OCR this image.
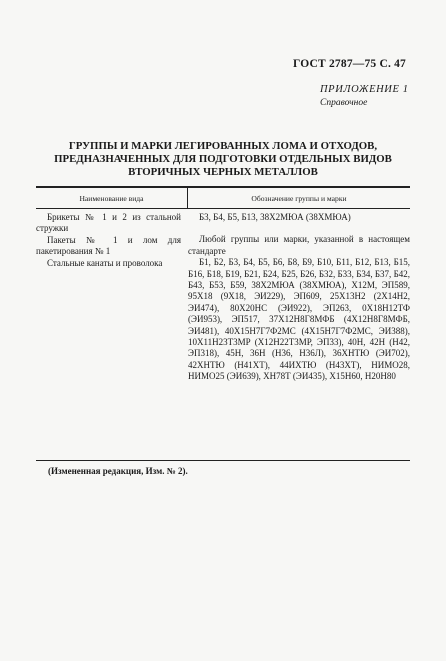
ГОСТ 2787—75 С. 47
ПРИЛОЖЕНИЕ 1
Справочное
ГРУППЫ И МАРКИ ЛЕГИРОВАННЫХ ЛОМА И ОТХОДОВ,
ПРЕДНАЗНАЧЕННЫХ ДЛЯ ПОДГОТОВКИ ОТДЕЛЬНЫХ ВИДОВ
ВТОРИЧНЫХ ЧЕРНЫХ МЕТАЛЛОВ
Наименование вида	Обозначение группы и марки
Брикеты № 1 и 2 из стальной стружки
Пакеты № 1 и лом для пакетирования № 1
Стальные канаты и проволока
Б3, Б4, Б5, Б13, 38Х2МЮА (38ХМЮА)
Любой группы или марки, указанной в настоящем стандарте
Б1, Б2, Б3, Б4, Б5, Б6, Б8, Б9, Б10, Б11, Б12, Б13, Б15, Б16, Б18, Б19, Б21, Б24, Б25, Б26, Б32, Б33, Б34, Б37, Б42, Б43, Б53, Б59, 38Х2МЮА (38ХМЮА), Х12М, ЭП589, 95Х18 (9Х18, ЭИ229), ЭП609, 25Х13Н2 (2Х14Н2, ЭИ474), 80Х20НС (ЭИ922), ЭП263, 0Х18Н12ТФ (ЭИ953), ЭП517, 37Х12Н8Г8МФБ (4Х12Н8Г8МФБ, ЭИ481), 40Х15Н7Г7Ф2МС (4Х15Н7Г7Ф2МС, ЭИ388), 10Х11Н23Т3МР (Х12Н22Т3МР, ЭП33), 40Н, 42Н (Н42, ЭП318), 45Н, 36Н (Н36, Н36Л), 36ХНТЮ (ЭИ702), 42ХНТЮ (Н41ХТ), 44ИХТЮ (Н43ХТ), НИМО28, НИМО25 (ЭИ639), ХН78Т (ЭИ435), Х15Н60, Н20Н80
(Измененная редакция, Изм. № 2).
